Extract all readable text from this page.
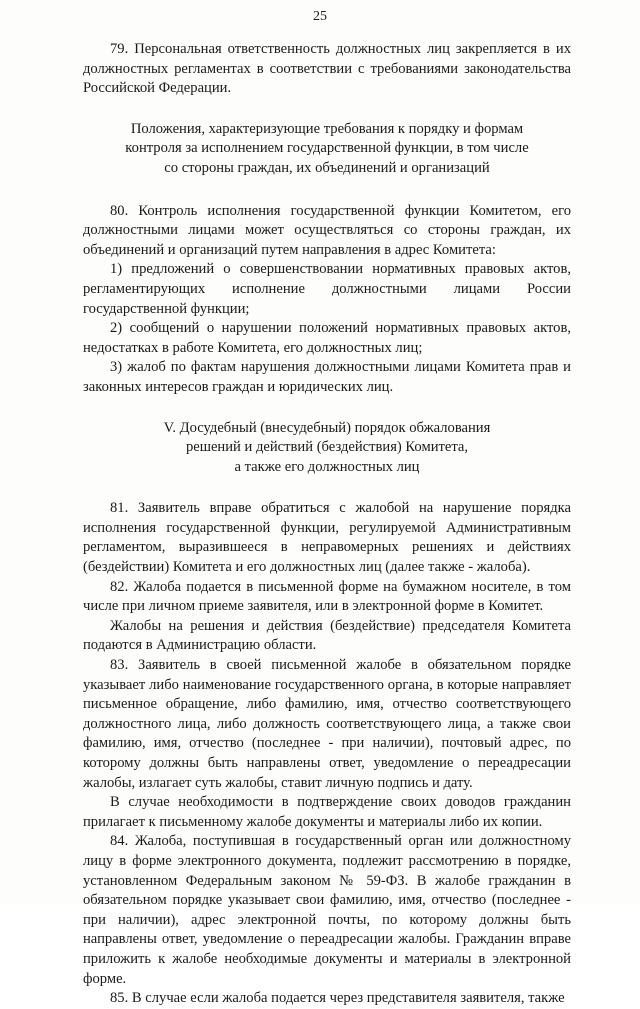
25

79. Персональная ответственность должностных лиц закрепляется в их должностных регламентах в соответствии с требованиями законодательства Российской Федерации.

Положения, характеризующие требования к порядку и формам

контроля за исполнением государственной функции, в том числе

со стороны граждан, их объединений и организаций

80. Контроль исполнения государственной функции Комитетом, его должностными лицами может осуществляться со стороны граждан, их объединений и организаций путем направления в адрес Комитета:

1) предложений о совершенствовании нормативных правовых актов, регламентирующих исполнение должностными лицами России государственной функции;

2) сообщений о нарушении положений нормативных правовых актов, недостатках в работе Комитета, его должностных лиц;

3) жалоб по фактам нарушения должностными лицами Комитета прав и законных интересов граждан и юридических лиц.

V. Досудебный (внесудебный) порядок обжалования

решений и действий (бездействия) Комитета,

а также его должностных лиц

81. Заявитель вправе обратиться с жалобой на нарушение порядка исполнения государственной функции, регулируемой Административным регламентом, выразившееся в неправомерных решениях и действиях (бездействии) Комитета и его должностных лиц (далее также - жалоба).

82. Жалоба подается в письменной форме на бумажном носителе, в том числе при личном приеме заявителя, или в электронной форме в Комитет.

Жалобы на решения и действия (бездействие) председателя Комитета подаются в Администрацию области.

83. Заявитель в своей письменной жалобе в обязательном порядке указывает либо наименование государственного органа, в которые направляет письменное обращение, либо фамилию, имя, отчество соответствующего должностного лица, либо должность соответствующего лица, а также свои фамилию, имя, отчество (последнее - при наличии), почтовый адрес, по которому должны быть направлены ответ, уведомление о переадресации жалобы, излагает суть жалобы, ставит личную подпись и дату.

В случае необходимости в подтверждение своих доводов гражданин прилагает к письменному жалобе документы и материалы либо их копии.

84. Жалоба, поступившая в государственный орган или должностному лицу в форме электронного документа, подлежит рассмотрению в порядке, установленном Федеральным законом № 59-ФЗ. В жалобе гражданин в обязательном порядке указывает свои фамилию, имя, отчество (последнее - при наличии), адрес электронной почты, по которому должны быть направлены ответ, уведомление о переадресации жалобы. Гражданин вправе приложить к жалобе необходимые документы и материалы в электронной форме.

85. В случае если жалоба подается через представителя заявителя, также
